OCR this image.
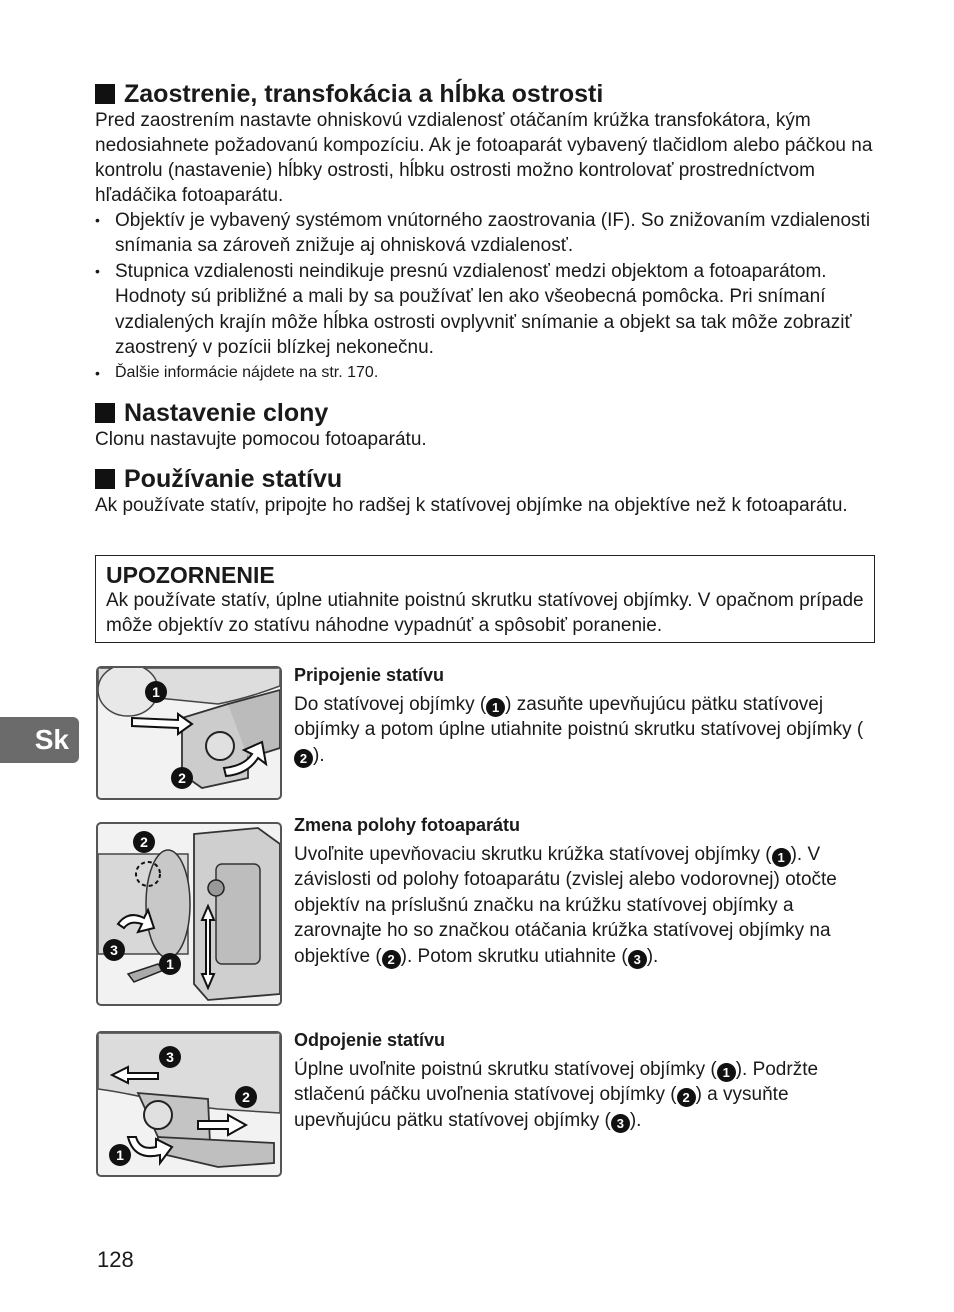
Zaostrenie, transfokácia a hĺbka ostrosti

Pred zaostrením nastavte ohniskovú vzdialenosť otáčaním krúžka transfokátora, kým nedosiahnete požadovanú kompozíciu. Ak je fotoaparát vybavený tlačidlom alebo páčkou na kontrolu (nastavenie) hĺbky ostrosti, hĺbku ostrosti možno kontrolovať prostredníctvom hľadáčika fotoaparátu.

• Objektív je vybavený systémom vnútorného zaostrovania (IF). So znižovaním vzdialenosti snímania sa zároveň znižuje aj ohnisková vzdialenosť.
• Stupnica vzdialenosti neindikuje presnú vzdialenosť medzi objektom a fotoaparátom. Hodnoty sú približné a mali by sa používať len ako všeobecná pomôcka. Pri snímaní vzdialených krajín môže hĺbka ostrosti ovplyvniť snímanie a objekt sa tak môže zobraziť zaostrený v pozícii blízkej nekonečnu.
• Ďalšie informácie nájdete na str. 170.
Nastavenie clony

Clonu nastavujte pomocou fotoaparátu.

Používanie statívu

Ak používate statív, pripojte ho radšej k statívovej objímke na objektíve než k fotoaparátu.

UPOZORNENIE

Ak používate statív, úplne utiahnite poistnú skrutku statívovej objímky. V opačnom prípade môže objektív zo statívu náhodne vypadnúť a spôsobiť poranenie.

1
2
Pripojenie statívu

Do statívovej objímky ( 1 ) zasuňte upevňujúcu pätku statívovej objímky a potom úplne utiahnite poistnú skrutku statívovej objímky (2 ).

2
3
1
Zmena polohy fotoaparátu

Uvoľnite upevňovaciu skrutku krúžka statívovej objímky ( 1 ). V závislosti od polohy fotoaparátu (zvislej alebo vodorovnej) otočte objektív na príslušnú značku na krúžku statívovej objímky a zarovnajte ho so značkou otáčania krúžka statívovej objímky na objektíve ( 2 ). Potom skrutku utiahnite ( 3 ).

3
2
1
Odpojenie statívu

Úplne uvoľnite poistnú skrutku statívovej objímky ( 1 ). Podržte stlačenú páčku uvoľnenia statívovej objímky ( 2 ) a vysuňte upevňujúcu pätku statívovej objímky ( 3 ).

Sk
128
